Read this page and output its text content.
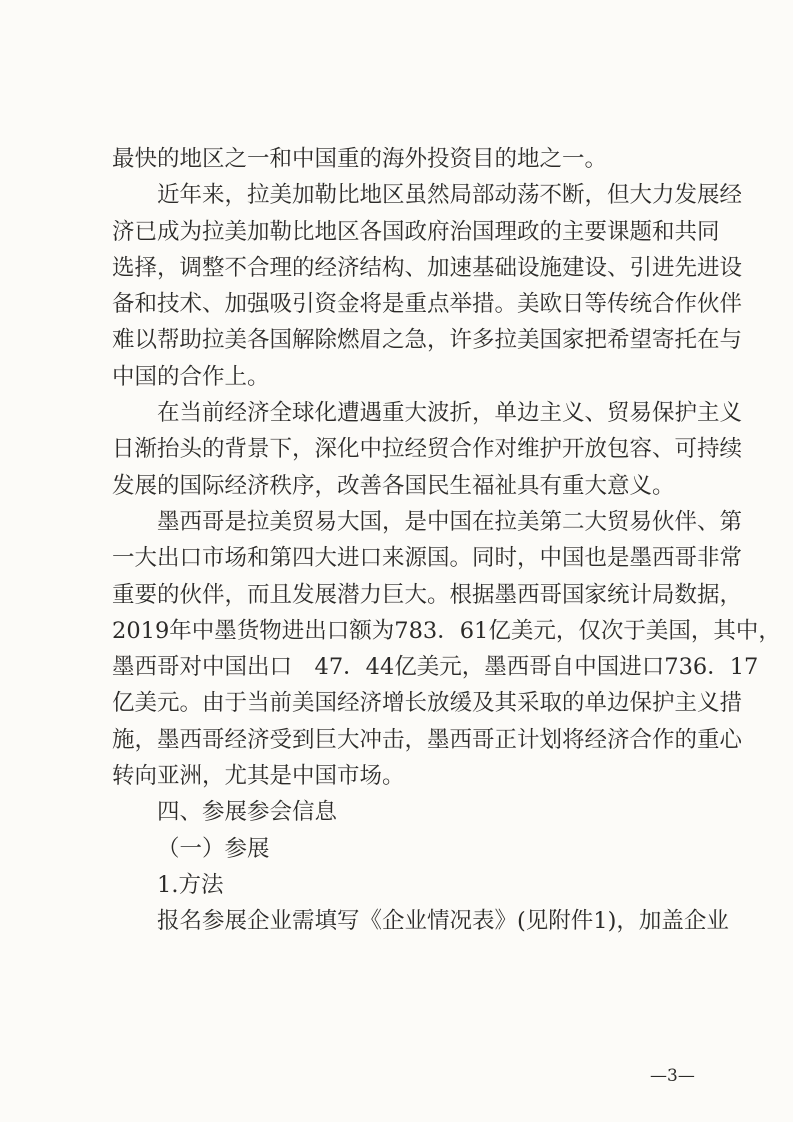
最快的地区之一和中国重的海外投资目的地之一。
近年来，拉美加勒比地区虽然局部动荡不断，但大力发展经
济已成为拉美加勒比地区各国政府治国理政的主要课题和共同
选择，调整不合理的经济结构、加速基础设施建设、引进先进设
备和技术、加强吸引资金将是重点举措。美欧日等传统合作伙伴
难以帮助拉美各国解除燃眉之急，许多拉美国家把希望寄托在与
中国的合作上。
在当前经济全球化遭遇重大波折，单边主义、贸易保护主义
日渐抬头的背景下，深化中拉经贸合作对维护开放包容、可持续
发展的国际经济秩序，改善各国民生福祉具有重大意义。
墨西哥是拉美贸易大国，是中国在拉美第二大贸易伙伴、第
一大出口市场和第四大进口来源国。同时，中国也是墨西哥非常
重要的伙伴，而且发展潜力巨大。根据墨西哥国家统计局数据，
2019年中墨货物进出口额为783．61亿美元，仅次于美国，其中，
墨西哥对中国出口　47．44亿美元，墨西哥自中国进口736．17
亿美元。由于当前美国经济增长放缓及其采取的单边保护主义措
施，墨西哥经济受到巨大冲击，墨西哥正计划将经济合作的重心
转向亚洲，尤其是中国市场。
四、参展参会信息
（一）参展
1.方法
报名参展企业需填写《企业情况表》(见附件1)，加盖企业
—3—
